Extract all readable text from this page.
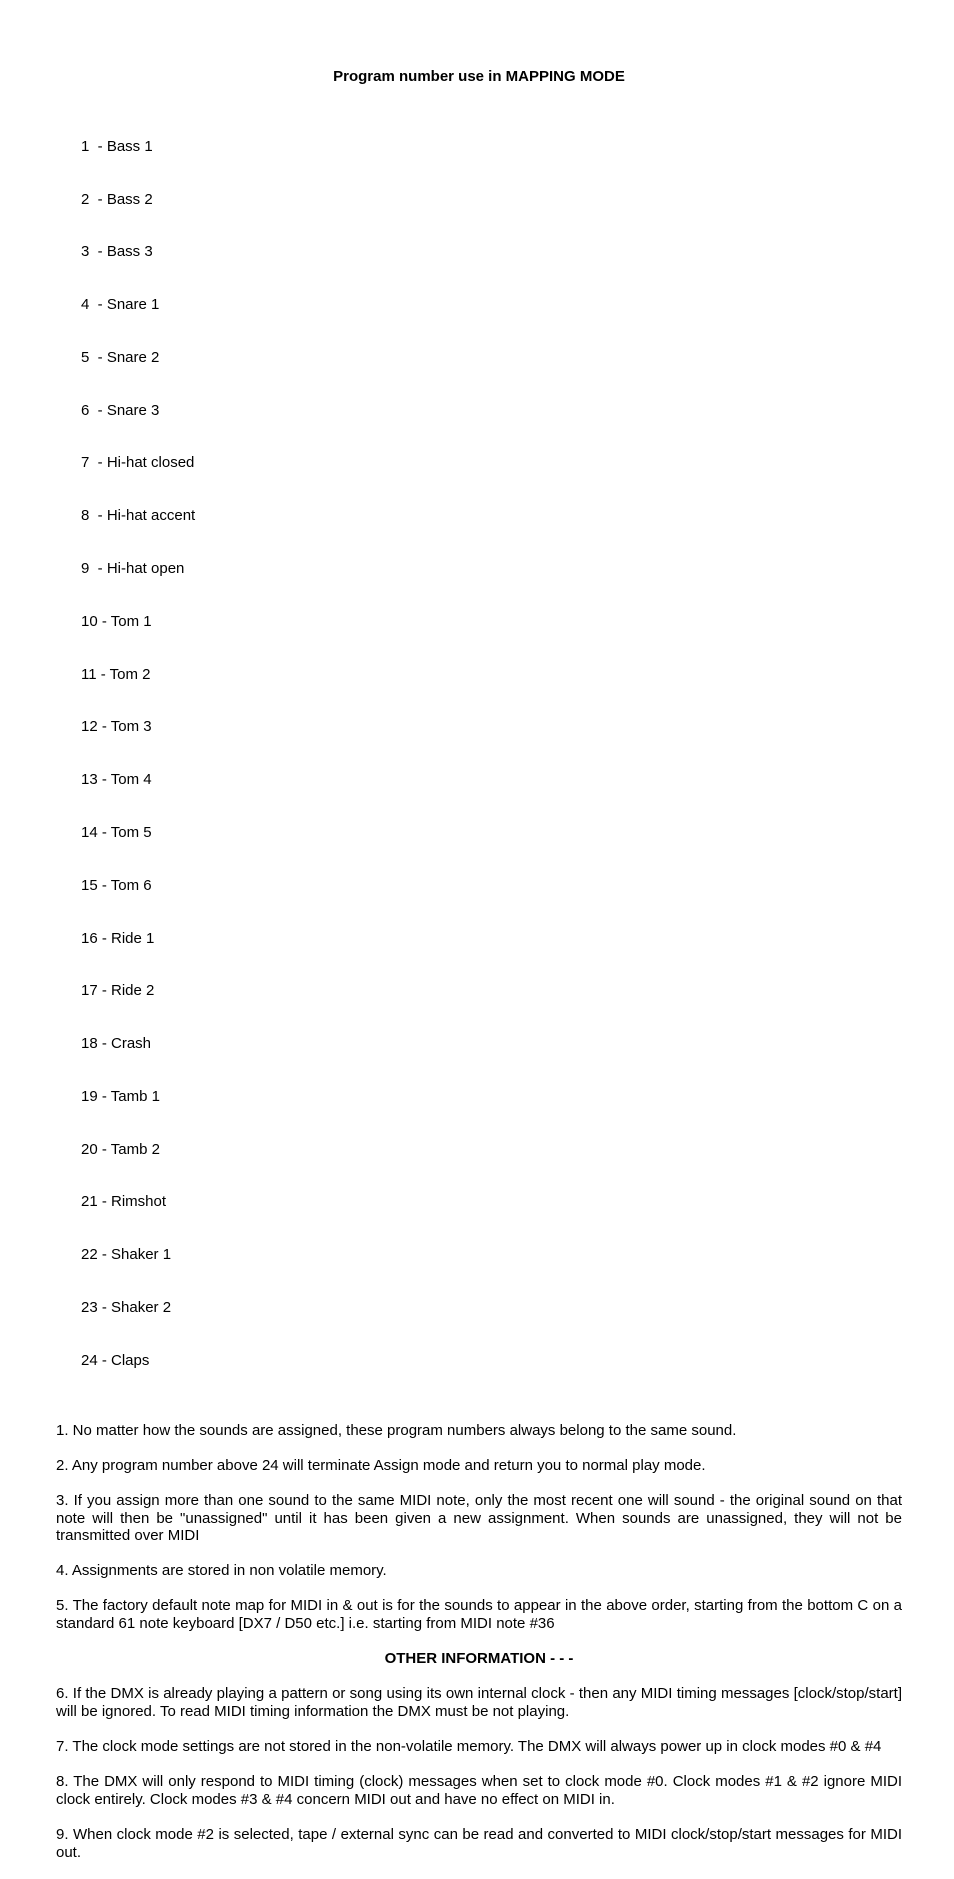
Program number use in MAPPING MODE

1  - Bass 1

2  - Bass 2

3  - Bass 3

4  - Snare 1

5  - Snare 2

6  - Snare 3

7  - Hi-hat closed

8  - Hi-hat accent

9  - Hi-hat open

10 - Tom 1

11 - Tom 2

12 - Tom 3

13 - Tom 4

14 - Tom 5

15 - Tom 6

16 - Ride 1

17 - Ride 2

18 - Crash

19 - Tamb 1

20 - Tamb 2

21 - Rimshot

22 - Shaker 1

23 - Shaker 2

24 - Claps

1. No matter how the sounds are assigned, these program numbers always belong to the same sound.

2. Any program number above 24 will terminate Assign mode and return you to normal play mode.

3. If you assign more than one sound to the same MIDI note, only the most recent one will sound - the original sound on that note will then be "unassigned" until it has been given a new assignment. When sounds are unassigned, they will not be transmitted over MIDI

4. Assignments are stored in non volatile memory.

5. The factory default note map for MIDI in & out is for the sounds to appear in the above order, starting from the bottom C on a standard 61 note keyboard [DX7 / D50 etc.] i.e. starting from MIDI note #36

OTHER INFORMATION - - -

6. If the DMX is already playing a pattern or song using its own internal clock - then any MIDI timing messages [clock/stop/start] will be ignored. To read MIDI timing information the DMX must be not playing.

7. The clock mode settings are not stored in the non-volatile memory. The DMX will always power up in clock modes #0 & #4

8. The DMX will only respond to MIDI timing (clock) messages when set to clock mode #0. Clock modes #1 & #2 ignore MIDI clock entirely. Clock modes #3 & #4 concern MIDI out and have no effect on MIDI in.

9. When clock mode #2 is selected, tape / external sync can be read and converted to MIDI clock/stop/start messages for MIDI out.
